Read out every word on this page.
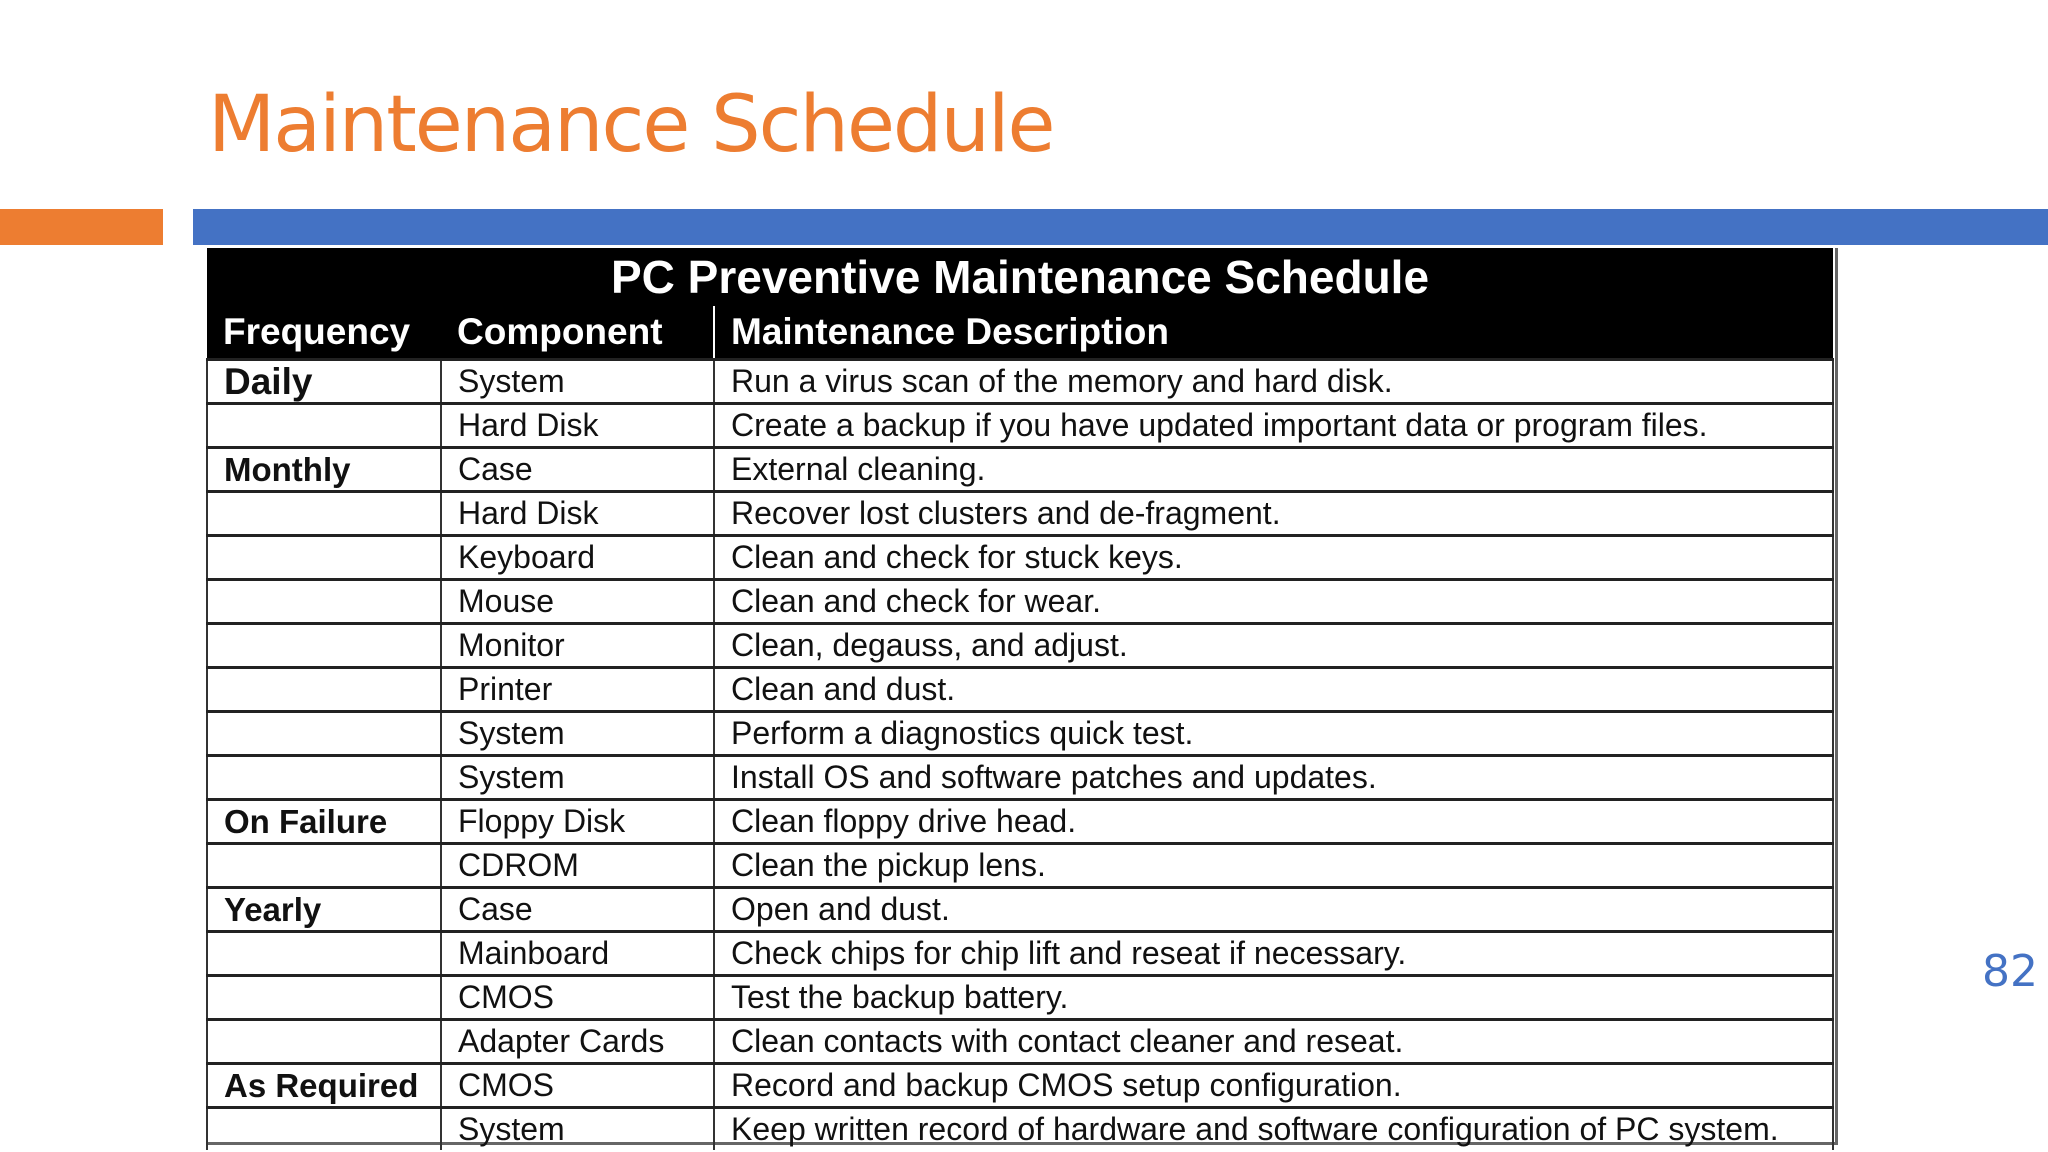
Maintenance Schedule
PC Preventive Maintenance Schedule		
Frequency	Component	Maintenance Description
Daily	System	Run a virus scan of the memory and hard disk.
	Hard Disk	Create a backup if you have updated important data or program files.
Monthly	Case	External cleaning.
	Hard Disk	Recover lost clusters and de-fragment.
	Keyboard	Clean and check for stuck keys.
	Mouse	Clean and check for wear.
	Monitor	Clean, degauss, and adjust.
	Printer	Clean and dust.
	System	Perform a diagnostics quick test.
	System	Install OS and software patches and updates.
On Failure	Floppy Disk	Clean floppy drive head.
	CDROM	Clean the pickup lens.
Yearly	Case	Open and dust.
	Mainboard	Check chips for chip lift and reseat if necessary.
	CMOS	Test the backup battery.
	Adapter Cards	Clean contacts with contact cleaner and reseat.
As Required	CMOS	Record and backup CMOS setup configuration.
	System	Keep written record of hardware and software configuration of PC system.
82
